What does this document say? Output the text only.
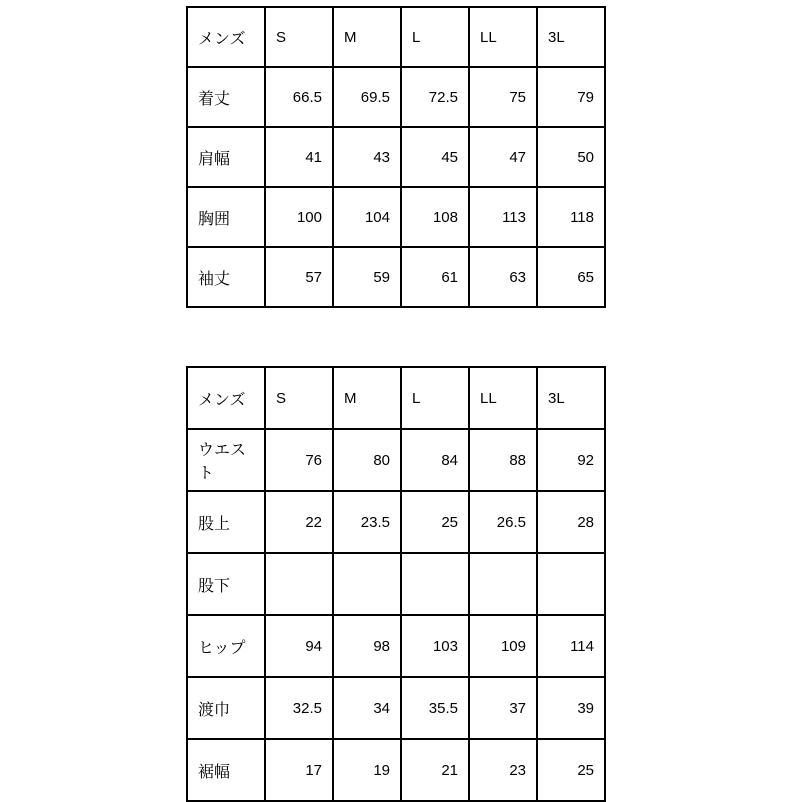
メンズ	S	M	L	LL	3L
着丈	66.5	69.5	72.5	75	79
肩幅	41	43	45	47	50
胸囲	100	104	108	113	118
袖丈	57	59	61	63	65
メンズ	S	M	L	LL	3L
ウエスト	76	80	84	88	92
股上	22	23.5	25	26.5	28
股下					
ヒップ	94	98	103	109	114
渡巾	32.5	34	35.5	37	39
裾幅	17	19	21	23	25
